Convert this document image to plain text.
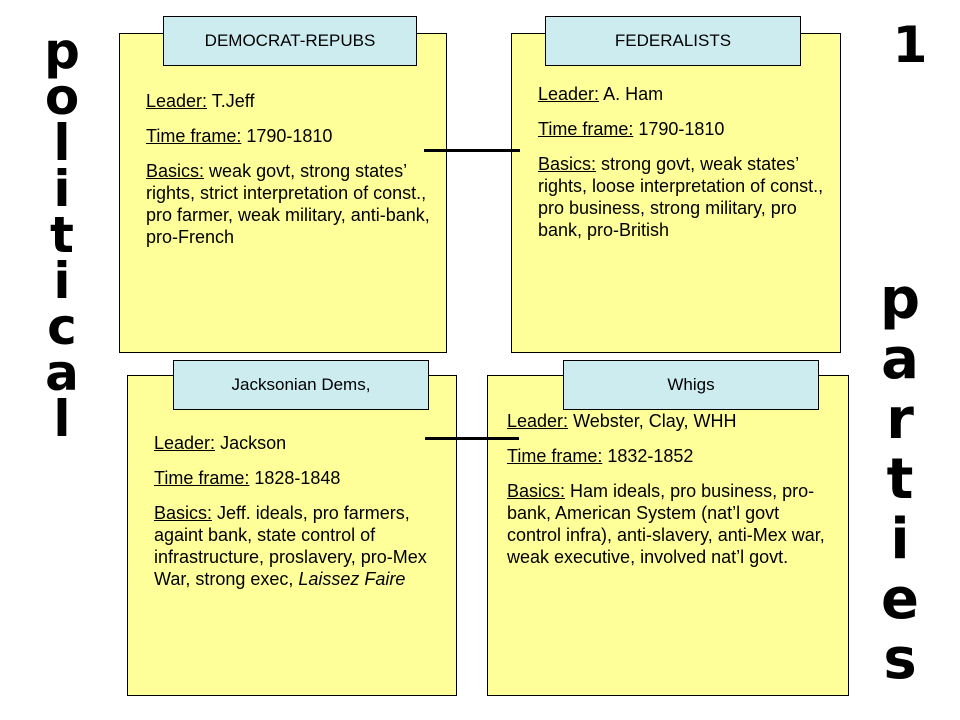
p
o
l
i
t
i
c
a
l
1
p
a
r
t
i
e
s
DEMOCRAT-REPUBS

Leader: T.Jeff

Time frame: 1790-1810

Basics: weak govt, strong states’ rights, strict interpretation of const., pro farmer, weak military, anti-bank, pro-French

FEDERALISTS

Leader: A. Ham

Time frame: 1790-1810

Basics: strong govt, weak states’ rights, loose interpretation of const., pro business, strong military, pro bank, pro-British

Jacksonian Dems,

Leader: Jackson

Time frame: 1828-1848

Basics: Jeff. ideals, pro farmers, againt bank, state control of infrastructure, proslavery, pro-Mex War, strong exec, Laissez Faire

Whigs

Leader: Webster, Clay, WHH

Time frame: 1832-1852

Basics: Ham ideals, pro business, pro-bank, American System (nat’l govt control infra), anti-slavery, anti-Mex war, weak executive, involved nat’l govt.
